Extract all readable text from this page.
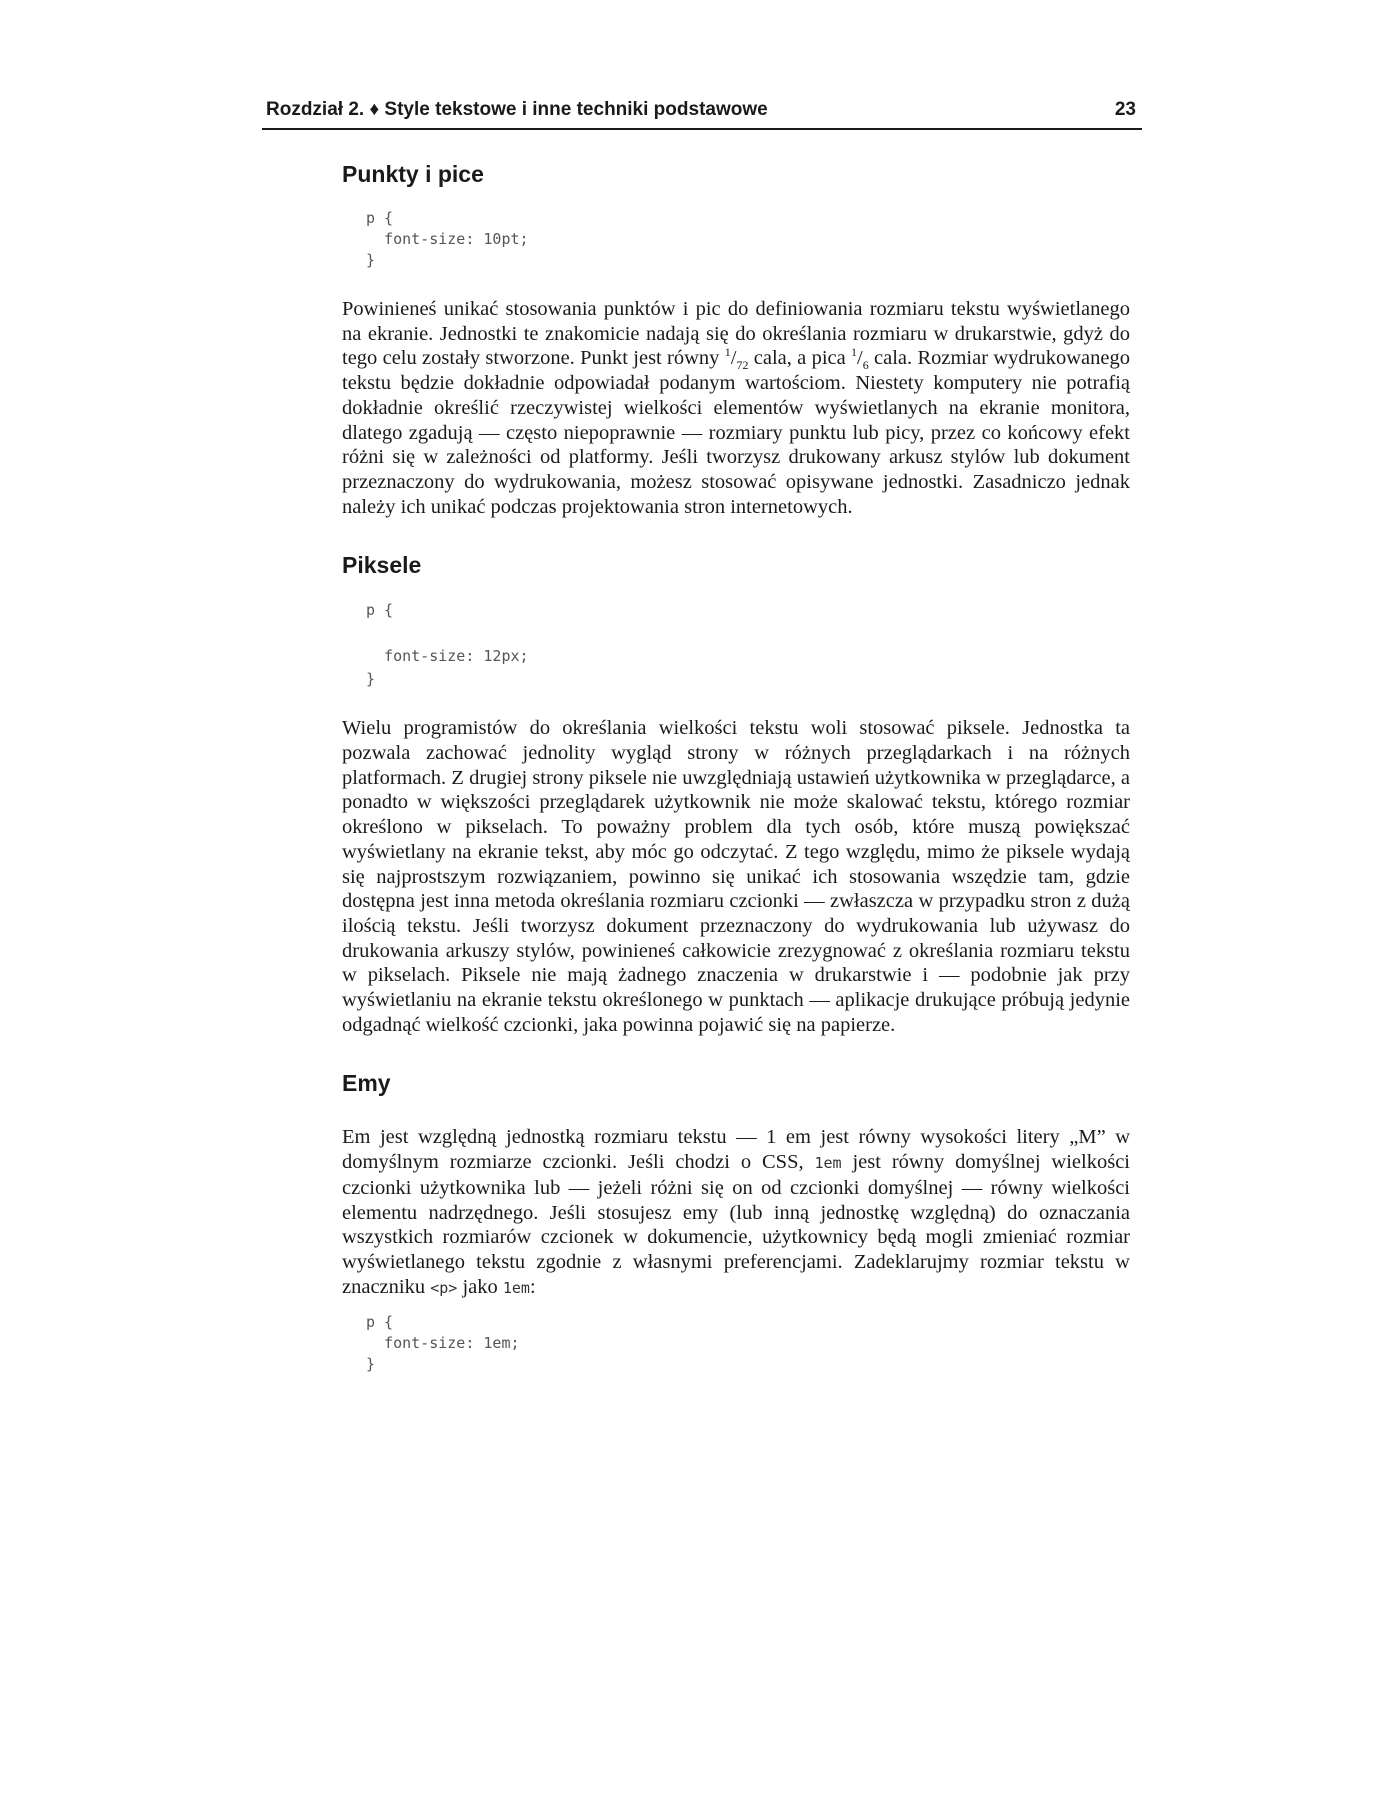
Rozdział 2. ♦ Style tekstowe i inne techniki podstawowe	23
Punkty i pice
p {
font-size: 10pt;
}

Powinieneś unikać stosowania punktów i pic do definiowania rozmiaru tekstu wyświetlanego na ekranie. Jednostki te znakomicie nadają się do określania rozmiaru w drukarstwie, gdyż do tego celu zostały stworzone. Punkt jest równy $^1/_{72}$ cala, a pica $^1/_6$ cala. Rozmiar wydrukowanego tekstu będzie dokładnie odpowiadał podanym wartościom. Niestety komputery nie potrafią dokładnie określić rzeczywistej wielkości elementów wyświetlanych na ekranie monitora, dlatego zgadują — często niepoprawnie — rozmiary punktu lub picy, przez co końcowy efekt różni się w zależności od platformy. Jeśli tworzysz drukowany arkusz stylów lub dokument przeznaczony do wydrukowania, możesz stosować opisywane jednostki. Zasadniczo jednak należy ich unikać podczas projektowania stron internetowych.

Piksele
p {

font-size: 12px;
}

Wielu programistów do określania wielkości tekstu woli stosować piksele. Jednostka ta pozwala zachować jednolity wygląd strony w różnych przeglądarkach i na różnych platformach. Z drugiej strony piksele nie uwzględniają ustawień użytkownika w przeglądarce, a ponadto w większości przeglądarek użytkownik nie może skalować tekstu, którego rozmiar określono w pikselach. To poważny problem dla tych osób, które muszą powiększać wyświetlany na ekranie tekst, aby móc go odczytać. Z tego względu, mimo że piksele wydają się najprostszym rozwiązaniem, powinno się unikać ich stosowania wszędzie tam, gdzie dostępna jest inna metoda określania rozmiaru czcionki — zwłaszcza w przypadku stron z dużą ilością tekstu. Jeśli tworzysz dokument przeznaczony do wydrukowania lub używasz do drukowania arkuszy stylów, powinieneś całkowicie zrezygnować z określania rozmiaru tekstu w pikselach. Piksele nie mają żadnego znaczenia w drukarstwie i — podobnie jak przy wyświetlaniu na ekranie tekstu określonego w punktach — aplikacje drukujące próbują jedynie odgadnąć wielkość czcionki, jaka powinna pojawić się na papierze.

Emy

Em jest względną jednostką rozmiaru tekstu — 1 em jest równy wysokości litery „M” w domyślnym rozmiarze czcionki. Jeśli chodzi o CSS, 1em jest równy domyślnej wielkości czcionki użytkownika lub — jeżeli różni się on od czcionki domyślnej — równy wielkości elementu nadrzędnego. Jeśli stosujesz emy (lub inną jednostkę względną) do oznaczania wszystkich rozmiarów czcionek w dokumencie, użytkownicy będą mogli zmieniać rozmiar wyświetlanego tekstu zgodnie z własnymi preferencjami. Zadeklarujmy rozmiar tekstu w znaczniku <p> jako 1em:

p {
font-size: 1em;
}
